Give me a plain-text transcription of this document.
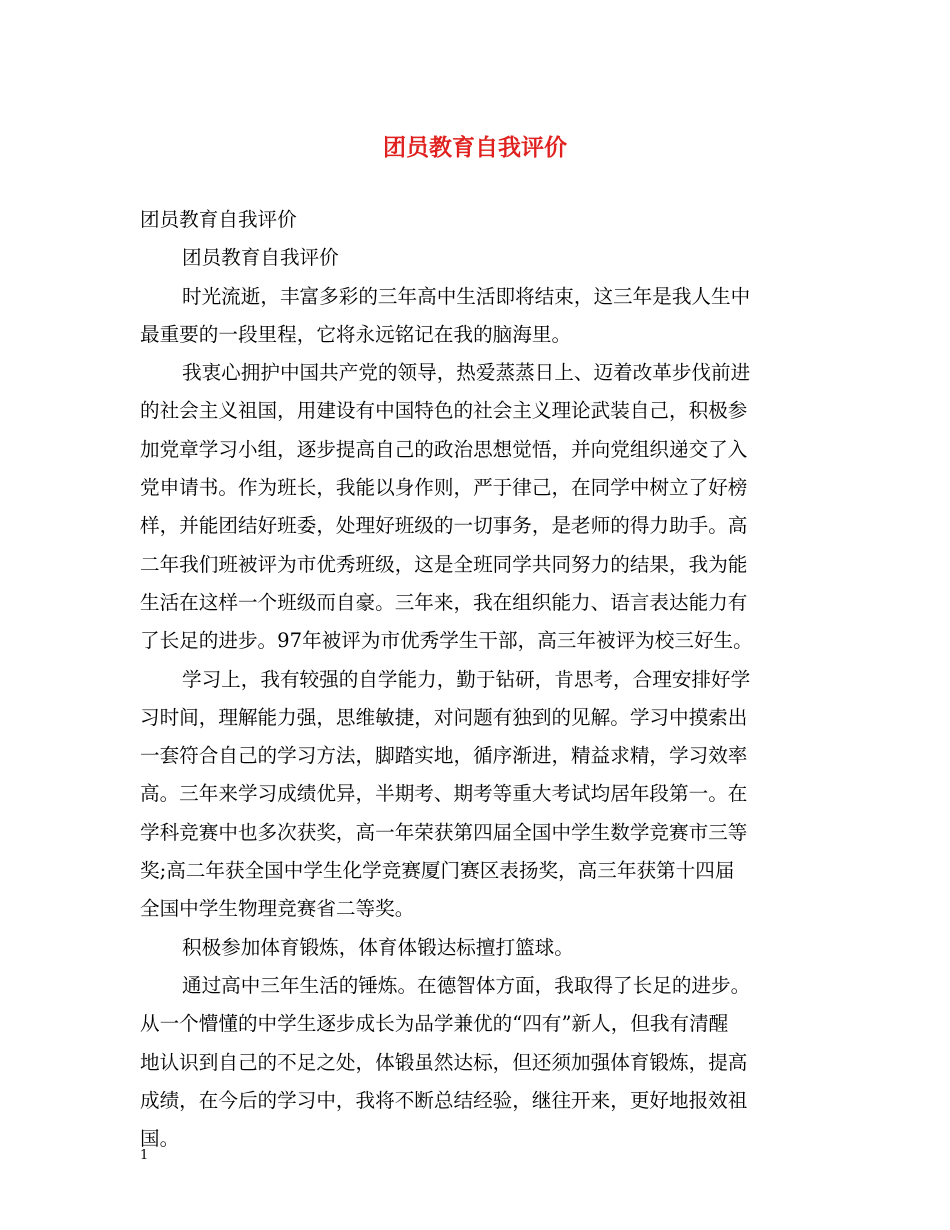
团员教育自我评价
团员教育自我评价
团员教育自我评价
时光流逝，丰富多彩的三年高中生活即将结束，这三年是我人生中
最重要的一段里程，它将永远铭记在我的脑海里。
我衷心拥护中国共产党的领导，热爱蒸蒸日上、迈着改革步伐前进
的社会主义祖国，用建设有中国特色的社会主义理论武装自己，积极参
加党章学习小组，逐步提高自己的政治思想觉悟，并向党组织递交了入
党申请书。作为班长，我能以身作则，严于律己，在同学中树立了好榜
样，并能团结好班委，处理好班级的一切事务，是老师的得力助手。高
二年我们班被评为市优秀班级，这是全班同学共同努力的结果，我为能
生活在这样一个班级而自豪。三年来，我在组织能力、语言表达能力有
了长足的进步。97年被评为市优秀学生干部，高三年被评为校三好生。
学习上，我有较强的自学能力，勤于钻研，肯思考，合理安排好学
习时间，理解能力强，思维敏捷，对问题有独到的见解。学习中摸索出
一套符合自己的学习方法，脚踏实地，循序渐进，精益求精，学习效率
高。三年来学习成绩优异，半期考、期考等重大考试均居年段第一。在
学科竞赛中也多次获奖，高一年荣获第四届全国中学生数学竞赛市三等
奖;高二年获全国中学生化学竞赛厦门赛区表扬奖，高三年获第十四届
全国中学生物理竞赛省二等奖。
积极参加体育锻炼，体育体锻达标擅打篮球。
通过高中三年生活的锤炼。在德智体方面，我取得了长足的进步。
从一个懵懂的中学生逐步成长为品学兼优的“四有”新人，但我有清醒
地认识到自己的不足之处，体锻虽然达标，但还须加强体育锻炼，提高
成绩，在今后的学习中，我将不断总结经验，继往开来，更好地报效祖
国。
1
